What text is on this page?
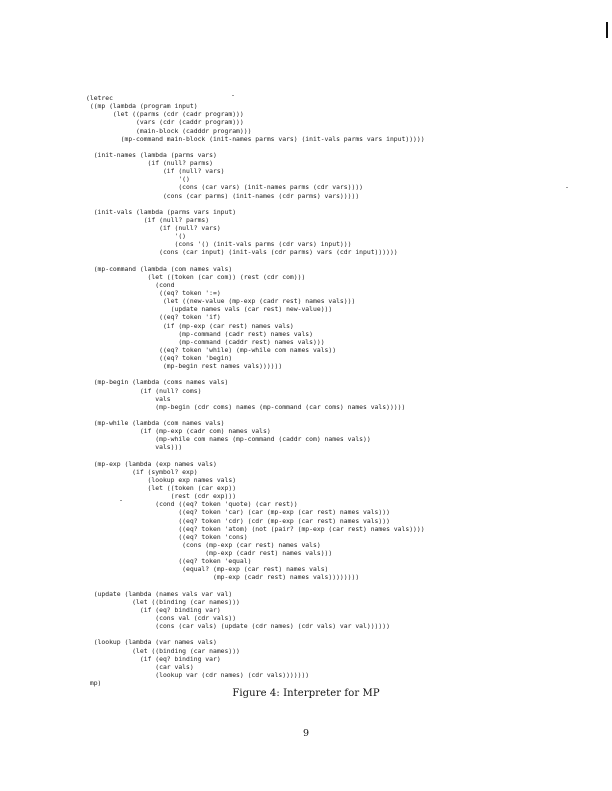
(letrec
((mp (lambda (program input)
(let ((parms (cdr (cadr program)))
(vars (cdr (caddr program)))
(main-block (cadddr program)))
(mp-command main-block (init-names parms vars) (init-vals parms vars input)))))

(init-names (lambda (parms vars)
(if (null? parms)
(if (null? vars)
'()
(cons (car vars) (init-names parms (cdr vars))))
(cons (car parms) (init-names (cdr parms) vars)))))

(init-vals (lambda (parms vars input)
(if (null? parms)
(if (null? vars)
'()
(cons '() (init-vals parms (cdr vars) input)))
(cons (car input) (init-vals (cdr parms) vars (cdr input))))))

(mp-command (lambda (com names vals)
(let ((token (car com)) (rest (cdr com)))
(cond
((eq? token ':=)
(let ((new-value (mp-exp (cadr rest) names vals)))
(update names vals (car rest) new-value)))
((eq? token 'if)
(if (mp-exp (car rest) names vals)
(mp-command (cadr rest) names vals)
(mp-command (caddr rest) names vals)))
((eq? token 'while) (mp-while com names vals))
((eq? token 'begin)
(mp-begin rest names vals))))))

(mp-begin (lambda (coms names vals)
(if (null? coms)
vals
(mp-begin (cdr coms) names (mp-command (car coms) names vals)))))

(mp-while (lambda (com names vals)
(if (mp-exp (cadr com) names vals)
(mp-while com names (mp-command (caddr com) names vals))
vals)))

(mp-exp (lambda (exp names vals)
(if (symbol? exp)
(lookup exp names vals)
(let ((token (car exp))
(rest (cdr exp)))
(cond ((eq? token 'quote) (car rest))
((eq? token 'car) (car (mp-exp (car rest) names vals)))
((eq? token 'cdr) (cdr (mp-exp (car rest) names vals)))
((eq? token 'atom) (not (pair? (mp-exp (car rest) names vals))))
((eq? token 'cons)
(cons (mp-exp (car rest) names vals)
(mp-exp (cadr rest) names vals)))
((eq? token 'equal)
(equal? (mp-exp (car rest) names vals)
(mp-exp (cadr rest) names vals))))))))

(update (lambda (names vals var val)
(let ((binding (car names)))
(if (eq? binding var)
(cons val (cdr vals))
(cons (car vals) (update (cdr names) (cdr vals) var val))))))

(lookup (lambda (var names vals)
(let ((binding (car names)))
(if (eq? binding var)
(car vals)
(lookup var (cdr names) (cdr vals)))))))
mp)
Figure 4: Interpreter for MP
9
